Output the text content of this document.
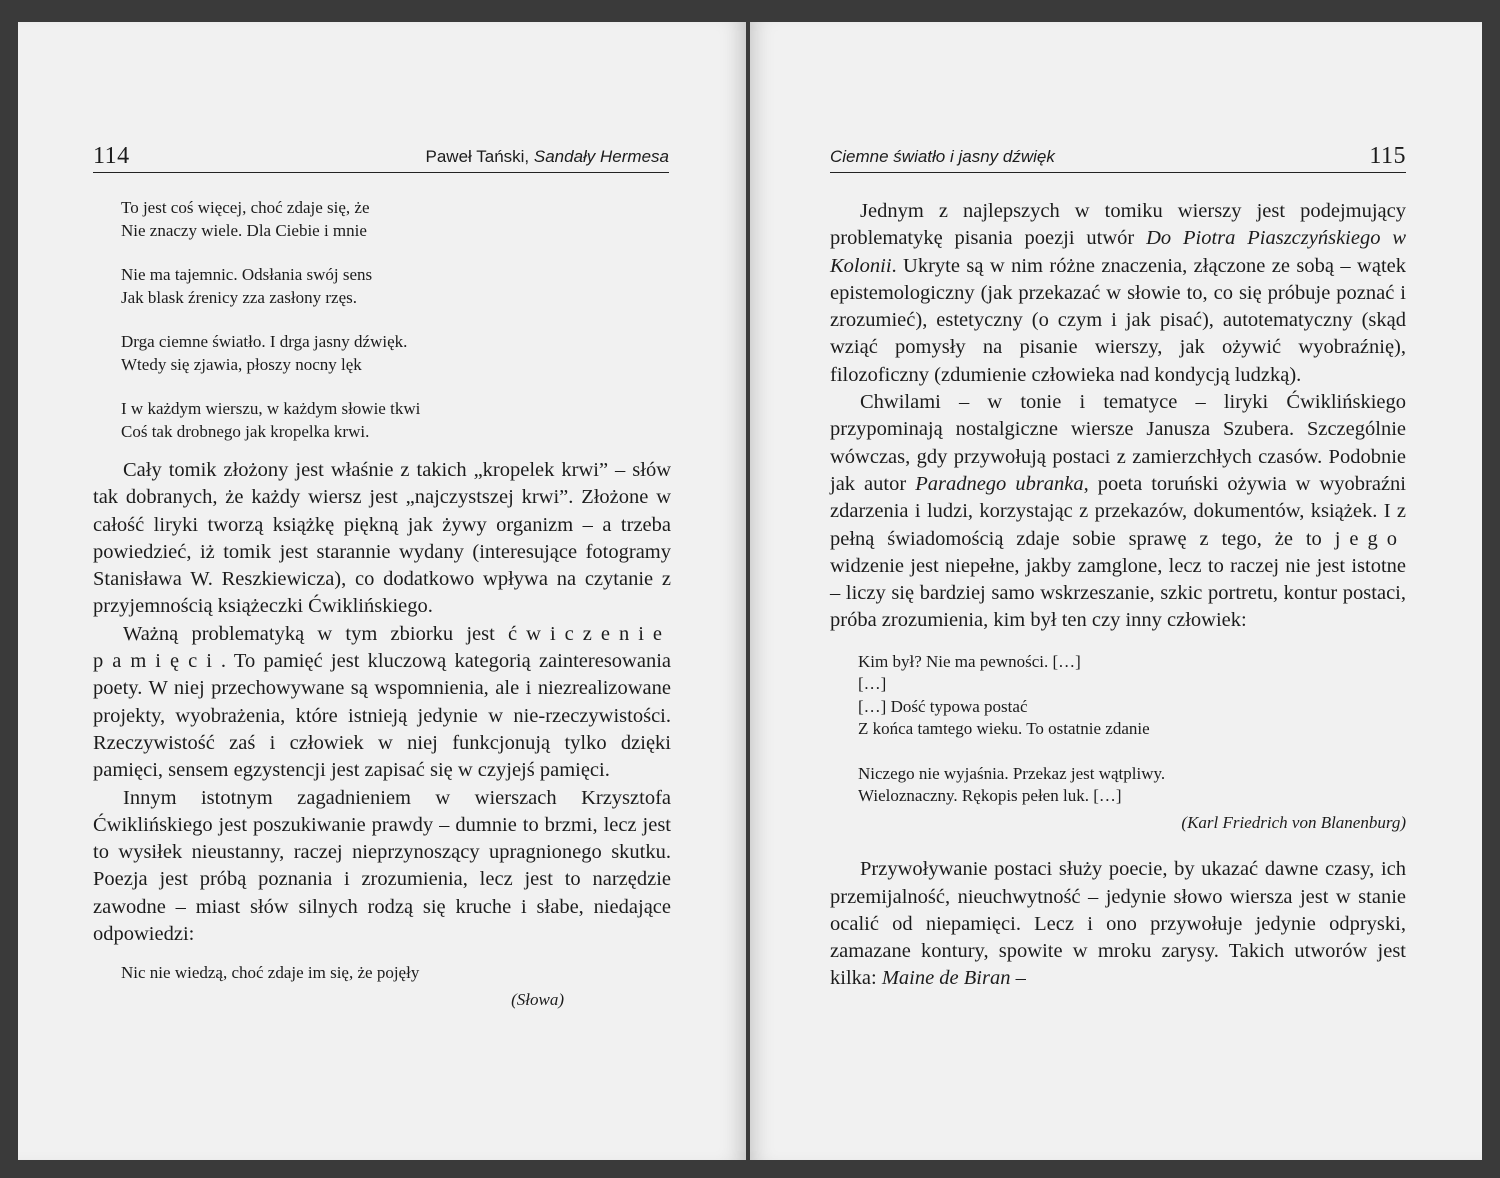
114	Paweł Tański, Sandały Hermesa
To jest coś więcej, choć zdaje się, że
Nie znaczy wiele. Dla Ciebie i mnie
Nie ma tajemnic. Odsłania swój sens
Jak blask źrenicy zza zasłony rzęs.
Drga ciemne światło. I drga jasny dźwięk.
Wtedy się zjawia, płoszy nocny lęk
I w każdym wierszu, w każdym słowie tkwi
Coś tak drobnego jak kropelka krwi.

Cały tomik złożony jest właśnie z takich „kropelek krwi” – słów tak dobranych, że każdy wiersz jest „najczystszej krwi”. Złożone w całość liryki tworzą książkę piękną jak żywy organizm – a trzeba powiedzieć, iż tomik jest starannie wydany (interesujące fotogramy Stanisława W. Reszkiewicza), co dodatkowo wpływa na czytanie z przyjemnością książeczki Ćwiklińskiego.

Ważną problematyką w tym zbiorku jest ćwiczenie pamięci. To pamięć jest kluczową kategorią zainteresowania poety. W niej przechowywane są wspomnienia, ale i niezrealizowane projekty, wyobrażenia, które istnieją jedynie w nie-rzeczywistości. Rzeczywistość zaś i człowiek w niej funkcjonują tylko dzięki pamięci, sensem egzystencji jest zapisać się w czyjejś pamięci.

Innym istotnym zagadnieniem w wierszach Krzysztofa Ćwiklińskiego jest poszukiwanie prawdy – dumnie to brzmi, lecz jest to wysiłek nieustanny, raczej nieprzynoszący upragnionego skutku. Poezja jest próbą poznania i zrozumienia, lecz jest to narzędzie zawodne – miast słów silnych rodzą się kruche i słabe, niedające odpowiedzi:

Nic nie wiedzą, choć zdaje im się, że pojęły
(Słowa)
Ciemne światło i jasny dźwięk	115

Jednym z najlepszych w tomiku wierszy jest podejmujący problematykę pisania poezji utwór Do Piotra Piaszczyńskiego w Kolonii. Ukryte są w nim różne znaczenia, złączone ze sobą – wątek epistemologiczny (jak przekazać w słowie to, co się próbuje poznać i zrozumieć), estetyczny (o czym i jak pisać), autotematyczny (skąd wziąć pomysły na pisanie wierszy, jak ożywić wyobraźnię), filozoficzny (zdumienie człowieka nad kondycją ludzką).

Chwilami – w tonie i tematyce – liryki Ćwiklińskiego przypominają nostalgiczne wiersze Janusza Szubera. Szczególnie wówczas, gdy przywołują postaci z zamierzchłych czasów. Podobnie jak autor Paradnego ubranka, poeta toruński ożywia w wyobraźni zdarzenia i ludzi, korzystając z przekazów, dokumentów, książek. I z pełną świadomością zdaje sobie sprawę z tego, że to jego widzenie jest niepełne, jakby zamglone, lecz to raczej nie jest istotne – liczy się bardziej samo wskrzeszanie, szkic portretu, kontur postaci, próba zrozumienia, kim był ten czy inny człowiek:

Kim był? Nie ma pewności. […]
[…]
[…] Dość typowa postać
Z końca tamtego wieku. To ostatnie zdanie
Niczego nie wyjaśnia. Przekaz jest wątpliwy.
Wieloznaczny. Rękopis pełen luk. […]
(Karl Friedrich von Blanenburg)

Przywoływanie postaci służy poecie, by ukazać dawne czasy, ich przemijalność, nieuchwytność – jedynie słowo wiersza jest w stanie ocalić od niepamięci. Lecz i ono przywołuje jedynie odpryski, zamazane kontury, spowite w mroku zarysy. Takich utworów jest kilka: Maine de Biran –
